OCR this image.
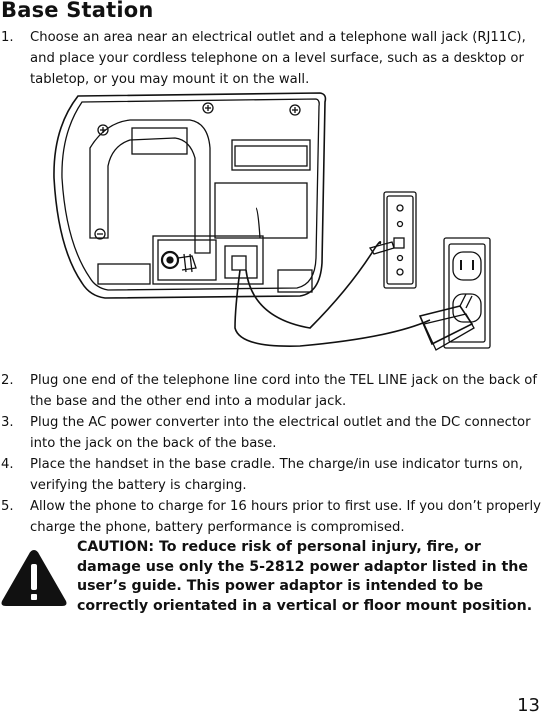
Base Station
1.	Choose an area near an electrical outlet and a telephone wall jack (RJ11C), and place your cordless telephone on a level surface, such as a desktop or tabletop, or you may mount it on the wall.
2.	Plug one end of the telephone line cord into the TEL LINE jack on the back of the base and the other end into a modular jack.
3.	Plug the AC power converter into the electrical outlet and the DC connector into the jack on the back of the base.
4.	Place the handset in the base cradle. The charge/in use indicator turns on, verifying the battery is charging.
5.	Allow the phone to charge for 16 hours prior to first use. If you don’t properly charge the phone, battery performance is compromised.
CAUTION: To reduce risk of personal injury, fire, or damage use only the 5-2812 power adaptor listed in the user’s guide. This power adaptor is intended to be correctly orientated in a vertical or floor mount position.
13
